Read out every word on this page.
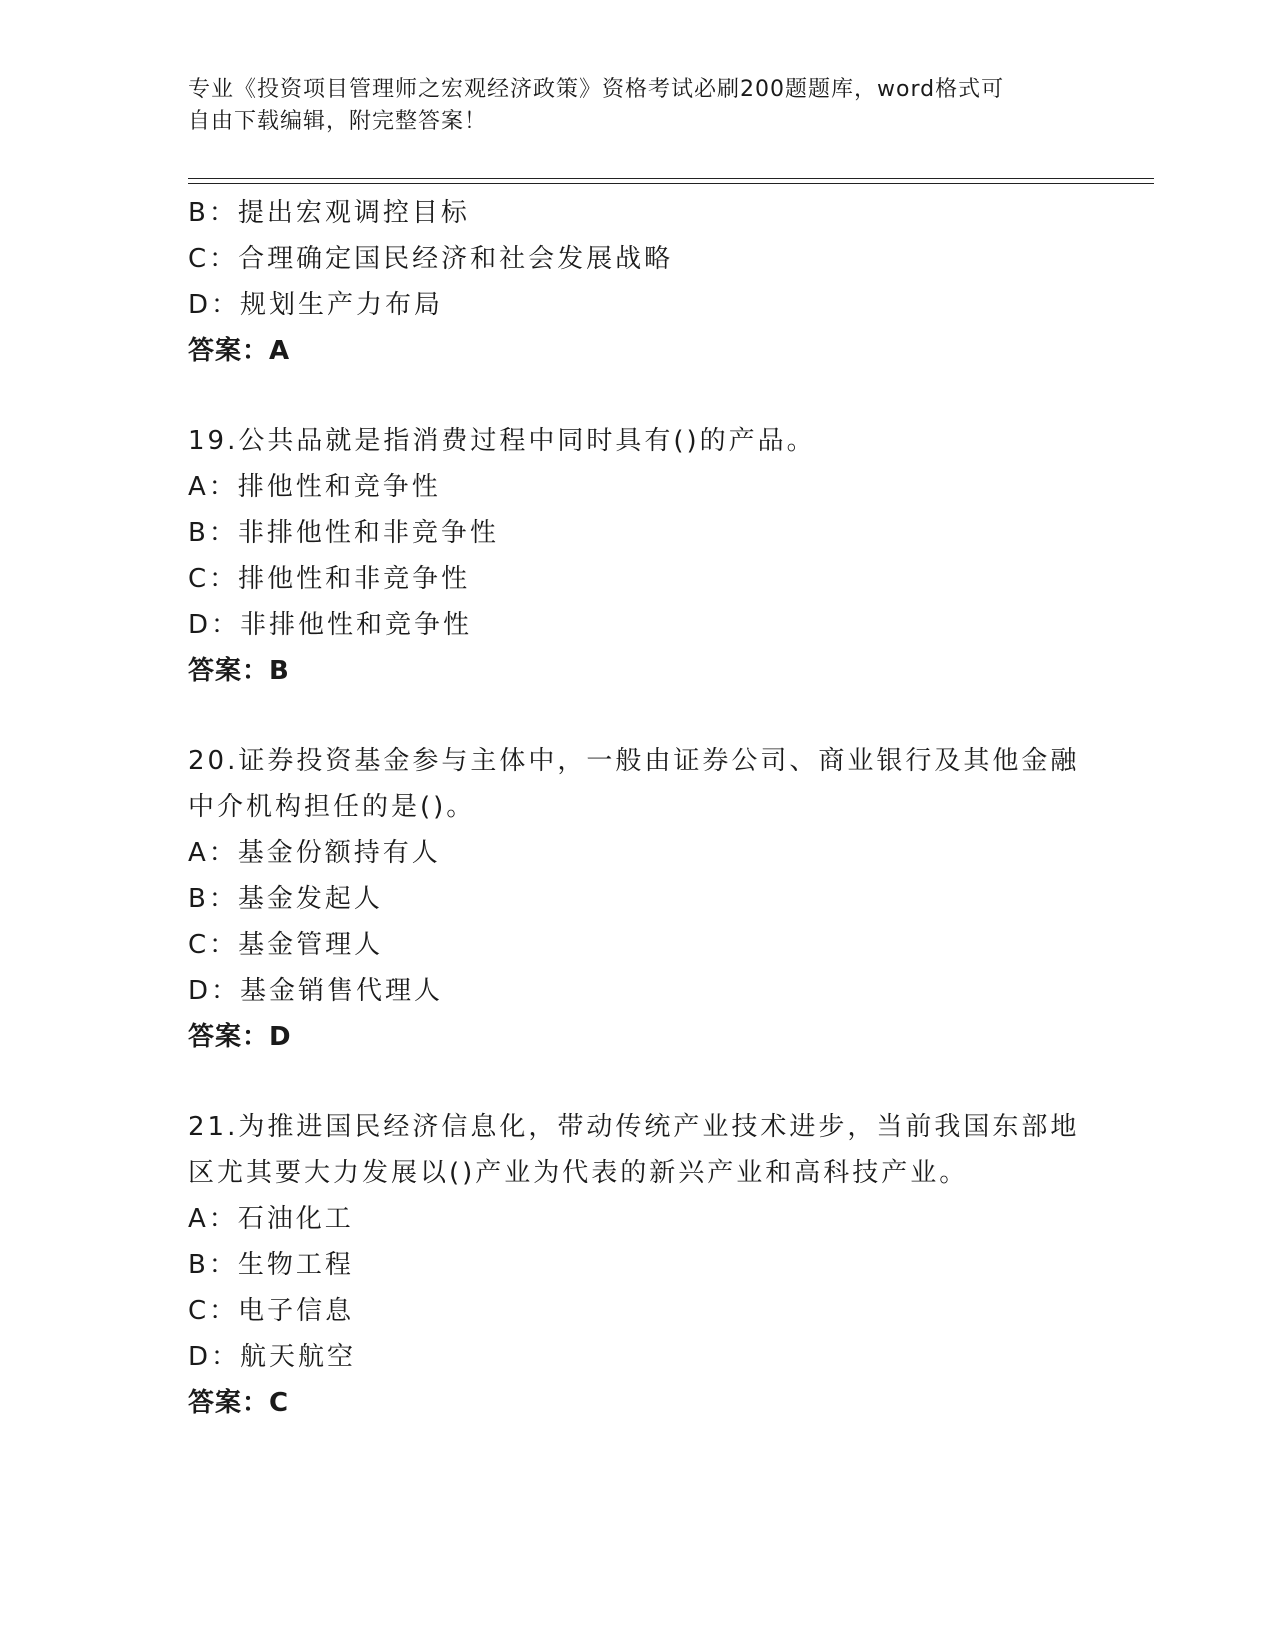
专业《投资项目管理师之宏观经济政策》资格考试必刷200题题库，word格式可
自由下载编辑，附完整答案！
B：提出宏观调控目标
C：合理确定国民经济和社会发展战略
D：规划生产力布局
答案：A
19.公共品就是指消费过程中同时具有()的产品。
A：排他性和竞争性
B：非排他性和非竞争性
C：排他性和非竞争性
D：非排他性和竞争性
答案：B
20.证券投资基金参与主体中，一般由证券公司、商业银行及其他金融
中介机构担任的是()。
A：基金份额持有人
B：基金发起人
C：基金管理人
D：基金销售代理人
答案：D
21.为推进国民经济信息化，带动传统产业技术进步，当前我国东部地
区尤其要大力发展以()产业为代表的新兴产业和高科技产业。
A：石油化工
B：生物工程
C：电子信息
D：航天航空
答案：C
